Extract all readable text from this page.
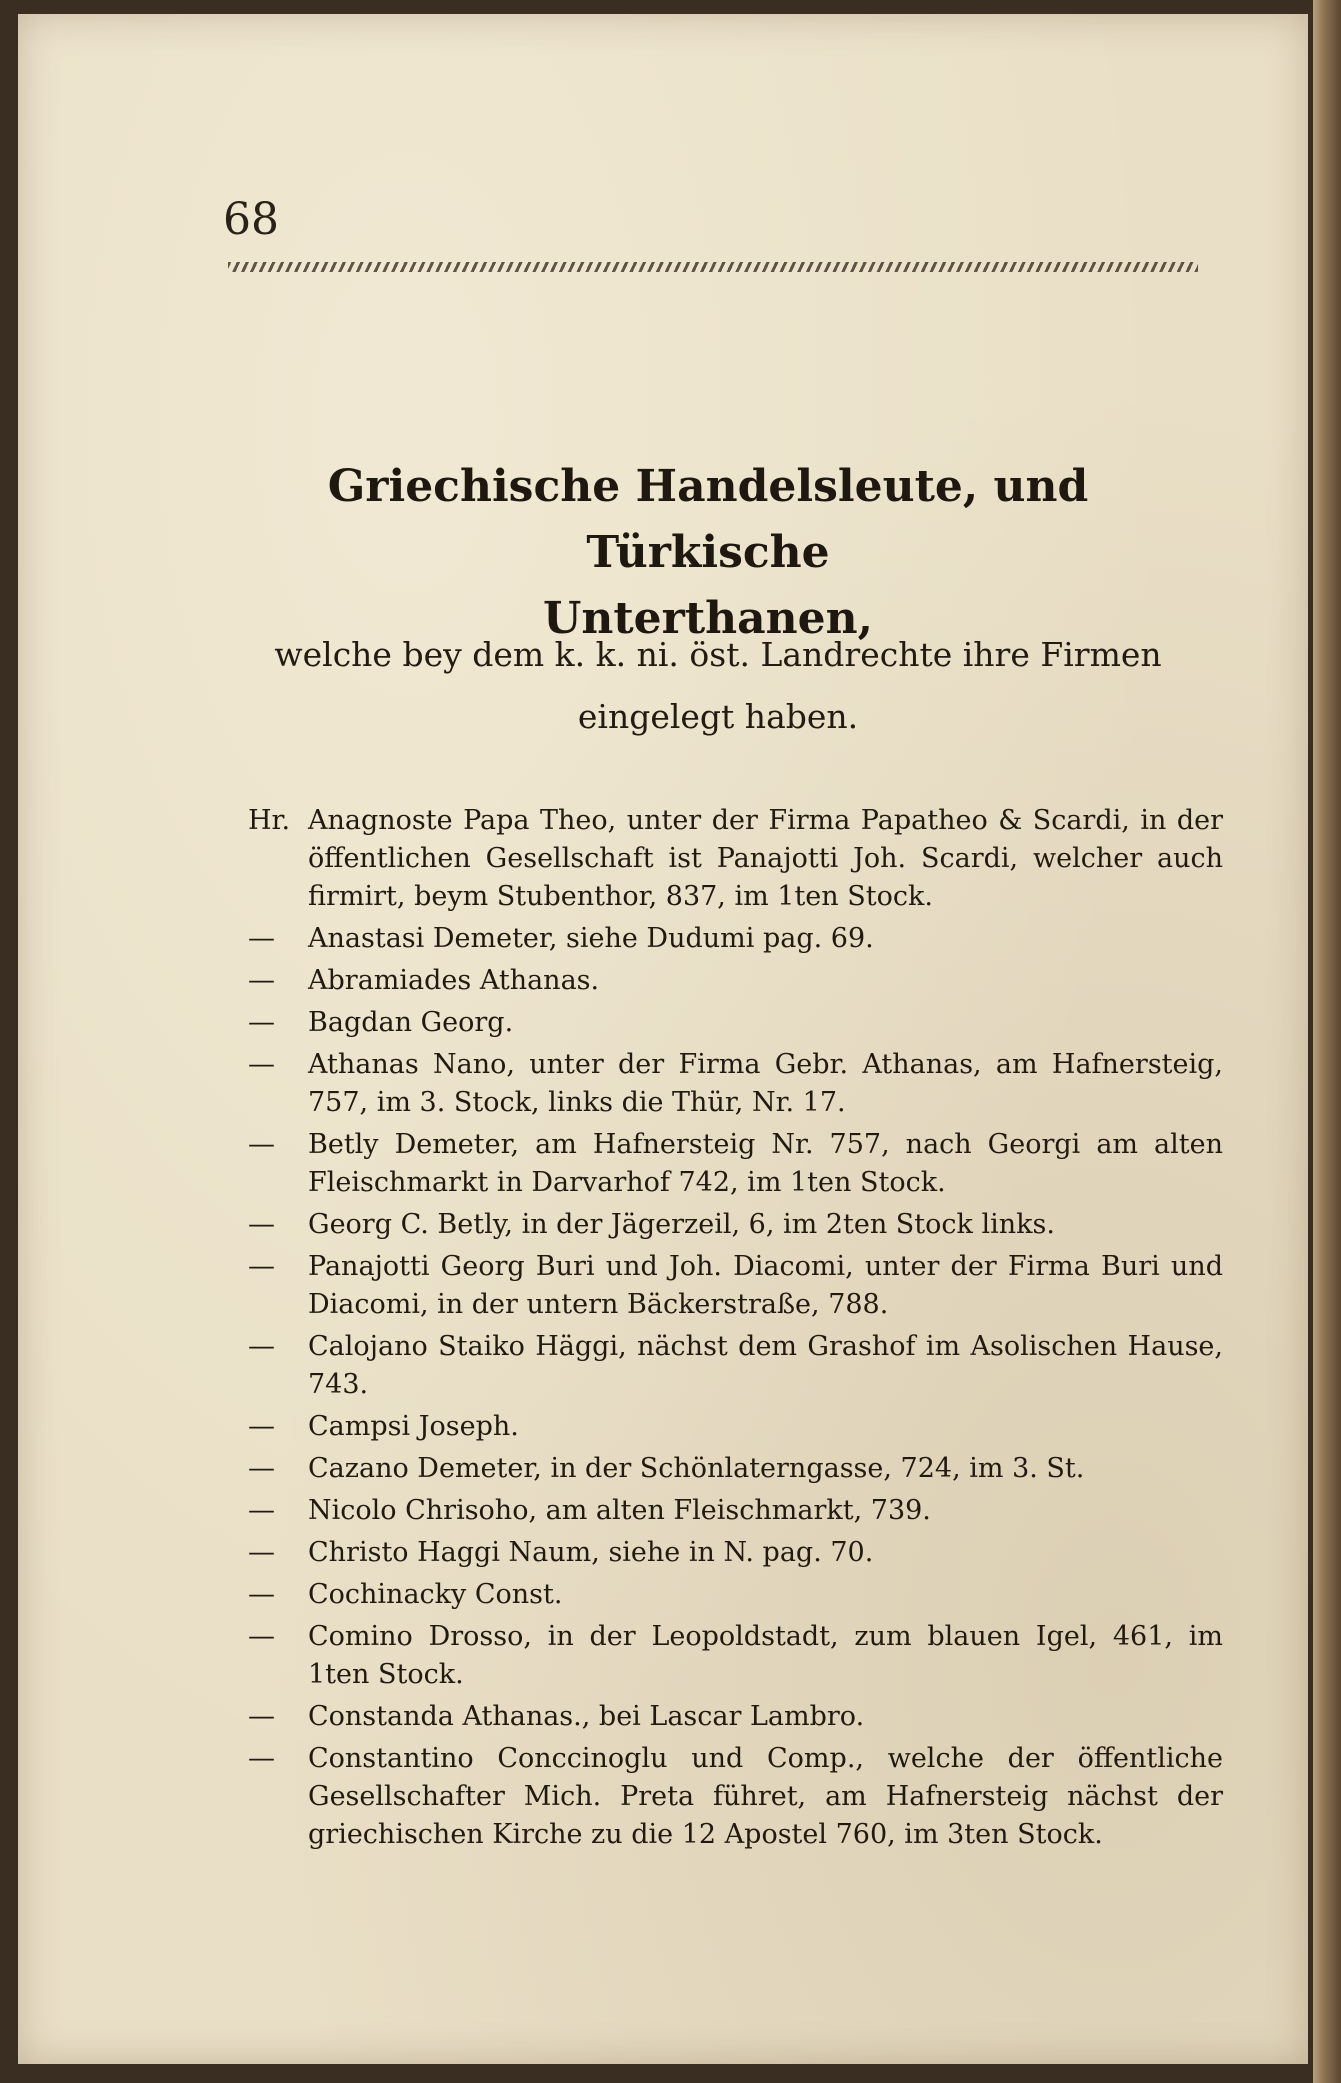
68
Griechische Handelsleute, und Türkische
Unterthanen,
welche bey dem k. k. ni. öst. Landrechte ihre Firmen
eingelegt haben.
Hr. Anagnoste Papa Theo, unter der Firma Papatheo & Scardi, in der öffentlichen Gesellschaft ist Panajotti Joh. Scardi, welcher auch firmirt, beym Stubenthor, 837, im 1ten Stock.
—	Anastasi Demeter, siehe Dudumi pag. 69.
—	Abramiades Athanas.
—	Bagdan Georg.
—	Athanas Nano, unter der Firma Gebr. Athanas, am Hafnersteig, 757, im 3. Stock, links die Thür, Nr. 17.
—	Betly Demeter, am Hafnersteig Nr. 757, nach Georgi am alten Fleischmarkt in Darvarhof 742, im 1ten Stock.
—	Georg C. Betly, in der Jägerzeil, 6, im 2ten Stock links.
—	Panajotti Georg Buri und Joh. Diacomi, unter der Firma Buri und Diacomi, in der untern Bäckerstraße, 788.
—	Calojano Staiko Häggi, nächst dem Grashof im Asolischen Hause, 743.
—	Campsi Joseph.
—	Cazano Demeter, in der Schönlaterngasse, 724, im 3. St.
—	Nicolo Chrisoho, am alten Fleischmarkt, 739.
—	Christo Haggi Naum, siehe in N. pag. 70.
—	Cochinacky Const.
—	Comino Drosso, in der Leopoldstadt, zum blauen Igel, 461, im 1ten Stock.
—	Constanda Athanas., bei Lascar Lambro.
—	Constantino Conccinoglu und Comp., welche der öffentliche Gesellschafter Mich. Preta führet, am Hafnersteig nächst der griechischen Kirche zu die 12 Apostel 760, im 3ten Stock.
